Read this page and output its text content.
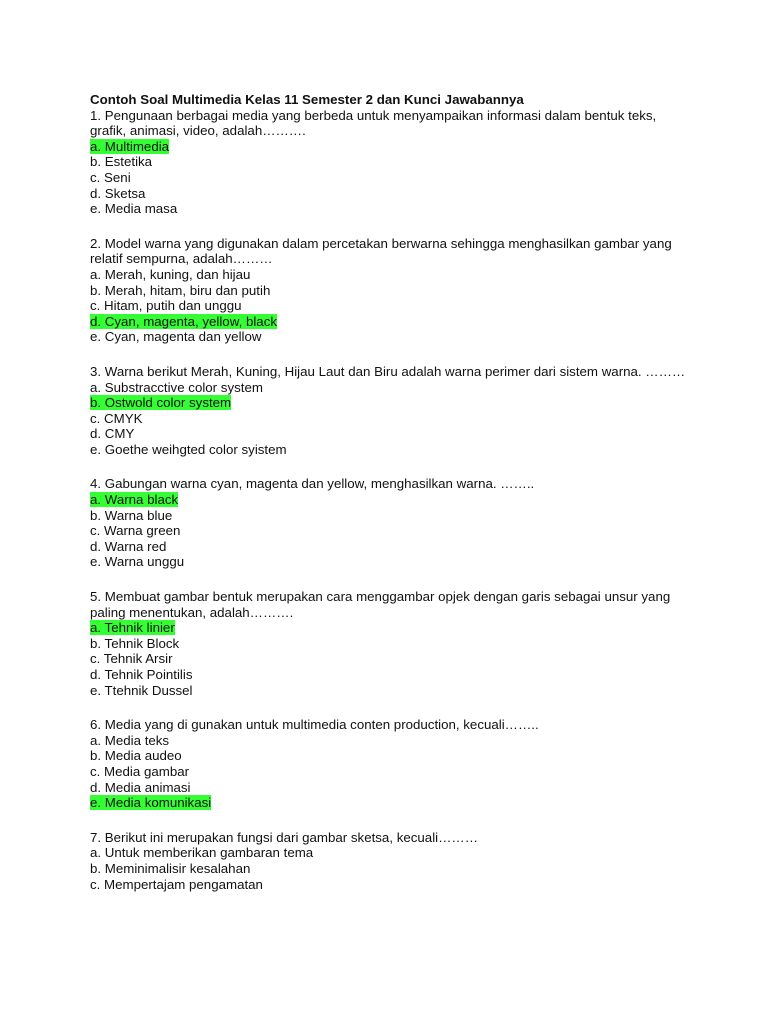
Contoh Soal Multimedia Kelas 11 Semester 2 dan Kunci Jawabannya
1. Pengunaan berbagai media yang berbeda untuk menyampaikan informasi dalam bentuk teks, grafik, animasi, video, adalah……….
a. Multimedia
b. Estetika
c. Seni
d. Sketsa
e. Media masa
2. Model warna yang digunakan dalam percetakan berwarna sehingga menghasilkan gambar yang relatif sempurna, adalah………
a. Merah, kuning, dan hijau
b. Merah, hitam, biru dan putih
c. Hitam, putih dan unggu
d. Cyan, magenta, yellow, black
e. Cyan, magenta dan yellow
3. Warna berikut Merah, Kuning, Hijau Laut dan Biru adalah warna perimer dari sistem warna. ………
a. Substracctive color system
b. Ostwold color system
c. CMYK
d. CMY
e. Goethe weihgted color syistem
4. Gabungan warna cyan, magenta dan yellow, menghasilkan warna. ……..
a. Warna black
b. Warna blue
c. Warna green
d. Warna red
e. Warna unggu
5. Membuat gambar bentuk merupakan cara menggambar opjek dengan garis sebagai unsur yang paling menentukan, adalah……….
a. Tehnik linier
b. Tehnik Block
c. Tehnik Arsir
d. Tehnik Pointilis
e. Ttehnik Dussel
6. Media yang di gunakan untuk multimedia conten production, kecuali……..
a. Media teks
b. Media audeo
c. Media gambar
d. Media animasi
e. Media komunikasi
7. Berikut ini merupakan fungsi dari gambar sketsa, kecuali………
a. Untuk memberikan gambaran tema
b. Meminimalisir kesalahan
c. Mempertajam pengamatan
